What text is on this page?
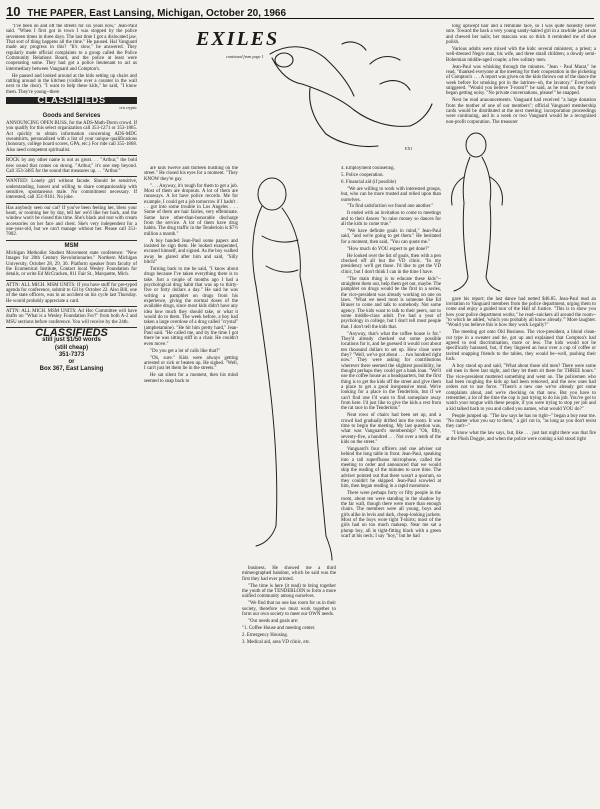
10 THE PAPER, East Lansing, Michigan, October 20, 1966

"I've been on and off the streets for six years now," Jean-Paul said. "When I first got in town I was stopped by the police seventeen times in three days. The last time I got a dislocated jaw. That sort of thing happens all the time." He paused. Hal Vanguard made any progress in this? "It's slow," he answered. They regularly made official complaints to a group called the Police Community Relations Board, and the police at least were cooperating some. They had got a police lieutenant to act as intermediary between Vanguard and Compton's.

He paused and looked around at the kids setting up chairs and rattling around in the kitchen (visible over a counter in the wall next to the door). "I want to help these kids," he said, "I know them. They're young--there

CLASSIFIEDS
ora cryptic
Goods and Services

ANNOUNCING OPEN BUSS, for the ADS-Math-Dorm crowd. If you qualify for this select organization call 353-1271 or 353-1865. Act quickly to obtain information concerning ADS-MDC sweatshirts, personalized with a list of your unique qualifications (honorary, college board scores, GPA, etc.) For ride call 355-1868. Also need competent spiritualist.

ROCK by any other name is not as great. . . "Arthur," the bold new sound that comes on strong. "Arthur," it's one step beyond. Call 353-3485 for the sound that measures up. . . "Arthur."

WANTED: Lonely girl without facade. Should be sensitive, understanding, honest and willing to share companionship with sensitive, spontaneous male. No commitment necessary. If interested, call 351-9161. No joke.

Has anybody seen our cat? If you've been feeling her, bless your heart, or rooming her by day, tell her we'd like her back, and the window won't be closed this time. She's black and rust with cream accessories on her face and chest. She's very independent for a one-year-old, but we can't manage without her. Please call 351-7002.

MSM

Michigan Methodist Student Movement state conference: "New Images for 20th Century Revolutionaries." Northern Michigan University, October 28, 29, 30. Platform speaker from faculty of the Ecumenical Institute, Contact local Wesley Foundation for details, or write Ed McCracken, 811 Fair St., Marquette, Mich.

ATTN: ALL MICH. MSM UNITS: If you have stuff for pre-typed agenda for conference, submit to Gil by October 22. Also Bill, one of the state officers, was in an accident on his cycle last Thursday. He would probably appreciate a card.

ATTN: ALL MICH. MSM UNITS: Ad Hoc Committee will have drafts on "What is a Wesley Foundation For?" from both A-2 and MSU sections before conference. You will receive by the 24th.

CLASSIFIEDS
still just $1/50 words
(still cheap)
351-7373
or
Box 367, East Lansing
EXILES
continued from page 1
EX1

are kids twelve and thirteen hustling on the street." He closed his eyes for a moment. "They KNOW they're gay.

". . . Anyway, it's tough for them to get a job. Most of them are dropouts. A lot of them are runaways. A lot have police records. Me for example, I could get a job tomorrow if I hadn't . . . got into some trouble in Los Angeles . . . Some of them are hair fairies, very effeminate. Some have other-than-honorable discharge from the service. A lot of them have drug habits. The drug traffic in the Tenderloin is $7½ million a month."

A boy handed Jean-Paul some papers and insisted he sign them. He looked exasperated, excused himself, and signed. As the boy walked away he glared after him and said, "Silly bitch!"

Turning back to me he said, "I know about drugs because I've taken everything there is to take. Just a couple of months ago I had a psychological drug habit that was up to thirty-five or forty dollars a day." He said he was writing a pamphlet on drugs from his experience, giving the normal doses of the available drugs, since most kids didn't have any idea how much they should take, or what it would do to them. The week before, a boy had taken a large overdose of a drug called "crystal" (amphetamine). "He hit him pretty hard," Jean-Paul said. "He called me, and by the time I got there he was sitting stiff in a chair. He couldn't even move."

"Do you get a lot of calls like that?"

"Oh, sure." Kids were always getting arrested or sick or beaten up. He sighed. "Well, I can't just let them lie in the streets."

He sat silent for a moment, then his mind seemed to snap back to

business. He showed me a third mimeographed handout, which he said was the first they had ever printed.

"The time is here (it read) to bring together the youth of the TENDERLOIN to form a more unified community among ourselves.

"We find that no one has room for us in their society, therefore we must work together to form our own society to meet our OWN needs.

"Our needs and goals are:

"1. Coffee House and meeting center.

2. Emergency Housing.

3. Medical aid, area VD clinic, etc.

4. Employment counseling.

5. Police cooperation.

6. Financial aid (if possible)

"We are willing to work with interested groups, but, who can be more trusted and relied upon than ourselves.

"To find satisfaction we found one another."

It ended with an invitation to come to meetings and to their dances "to raise money so dances for all the kids to come true."

"We have definite goals in mind," Jean-Paul said, "and we're going to get them." He hesitated for a moment, then said, "You can quote me."

"How much do YOU expect to get done?"

He looked over the list of goals, then with a pen checked off all but the VD clinic. "In my presidency we'll get those. I'd like to get the VD clinic, but I don't think I can in the time I have.

"The main thing is to educate these kids"--straighten them out, help them get out, maybe. The pamphlet on drugs would be the first in a series, the vice-president was already working on one on laws. "What we need most is someone like Ed Brauer to come and talk to somebody. Not some agency. The kids want to talk to their peers, not to some middle-class adult. I've had a year of psychology in college, but I don't tell most people that. I don't tell the kids that.

"Anyway, that's what the coffee house is for." They'd already checked out some possible locations for it, and he guessed it would cost about ten thousand dollars to set up. How close were they? "Well, we've got about . . . two hundred right now." They were asking for contributions wherever there seemed the slightest possibility, he thought perhaps they could get a bank loan. "We'll use the coffee house as a headquarters, but the first thing is to get the kids off the street and give them a place to get a good inexpensive meal. We're looking for a place in the Tenderloin, but if we can't find one I'd want to find someplace away from here. I'd just like to give the kids a rest from the rat race in the Tenderloin."

Neat rows of chairs had been set up, and a crowd had gradually drifted into the room. It was time to begin the meeting. My last question was, what was Vanguard's membership? "Oh, fifty, seventy-five, a hundred . . . Not over a tenth of the kids on the street."

Vanguard's four officers and one adviser sat behind the long table in front. Jean-Paul, speaking into a tall superfluous microphone, called the meeting to order and announced that we would skip the reading of the minutes to save time. The adviser pointed out that there wasn't a quorum, so they couldn't be skipped. Jean-Paul scowled at him, then began reading in a rapid monotone.

There were perhaps forty or fifty people in the room, about ten were standing in the shadow by the far wall, though there were more than enough chairs. The members were all young, boys and girls alike in levis and dark, cheap-looking jackets. Most of the boys wore tight T-shirts; most of the girls had on too much makeup. Near me sat a plump boy, all in tight-fitting black with a green scarf at his neck; I say "boy," but he had

long upswept hair and a feminine face, so I was quite honestly never sure. Toward the back a very young sandy-haired girl in a rawhide jacket sat and chewed her nails; her mascara was so thick it reminded me of shoe polish.

Various adults were mixed with the kids: several ministers; a priest; a well-dressed Negro man, his wife, and three small children; a dowdy semi-Bohemian middle-aged couple; a few solitary men.

Jean-Paul was whisking through the minutes. "Jean - Paul Marat," he read, "thanked everyone at the meeting for their cooperation in the picketing of Compton's . . . A report was given on the kids thrown out of the dance the week before for smoking pot in the latrines--uh, the lavatory." Everybody sniggered. "Would you believe T-room?" he said, as he read on, the room began getting noisy. "No private conversations, please!" he snapped.

Next he read announcements. Vanguard had received "a large donation from the mother of one of our members"; official Vanguard membership cards would be distributed at the next meeting; incorporation proceedings were continuing, and in a week or two Vanguard would be a recognized non-profit corporation. The treasurer

gave his report; the last dance had netted $46.85. Jean-Paul read an invitation to Vanguard members from the police department, urging them to come and enjoy a guided tour of the Hall of Justice. "This is to show you how your police department works," he read--snickers all around the room--"to which he added, 'which you probably all know already.'" More laughter. "Would you believe this is how they work Legally?"

The meeting got onto Old Business. The vice-president, a blond clean-cut type in a sweater and tie, got up and explained that Compton's had agreed to end discrimination, more or less. The kids would not be specifically harassed, but, if they lingered an hour over a cup of coffee or tavited snapping friends to the tables, they would be--well, pushing their luck.

A boy stood up and said, "What about those old men? There were some old men in there last night, and they let them sit there for THREE hours." The vice-president muttered something and went on. The policemen who had been roughing the kids up had been removed, and the new ones had orders not to use force. "There's a new one we've already got some complaints about, and we're checking on that now. But you have to remember, a lot of the time the cop is just trying to do his job. You've got to watch your tongue with these people, if you were trying to stop yer job and a kid talked back to you and called you names, what would YOU do?"

People jumped up. "The law says he has no right--" began a boy near me. "No matter what you say to them," a girl cut in, "as long as you don't resist they can't--"

"I know what the law says, but, like . . . just last night there was that fire at the Plush Doggie, and when the police were coming a kid stood right
